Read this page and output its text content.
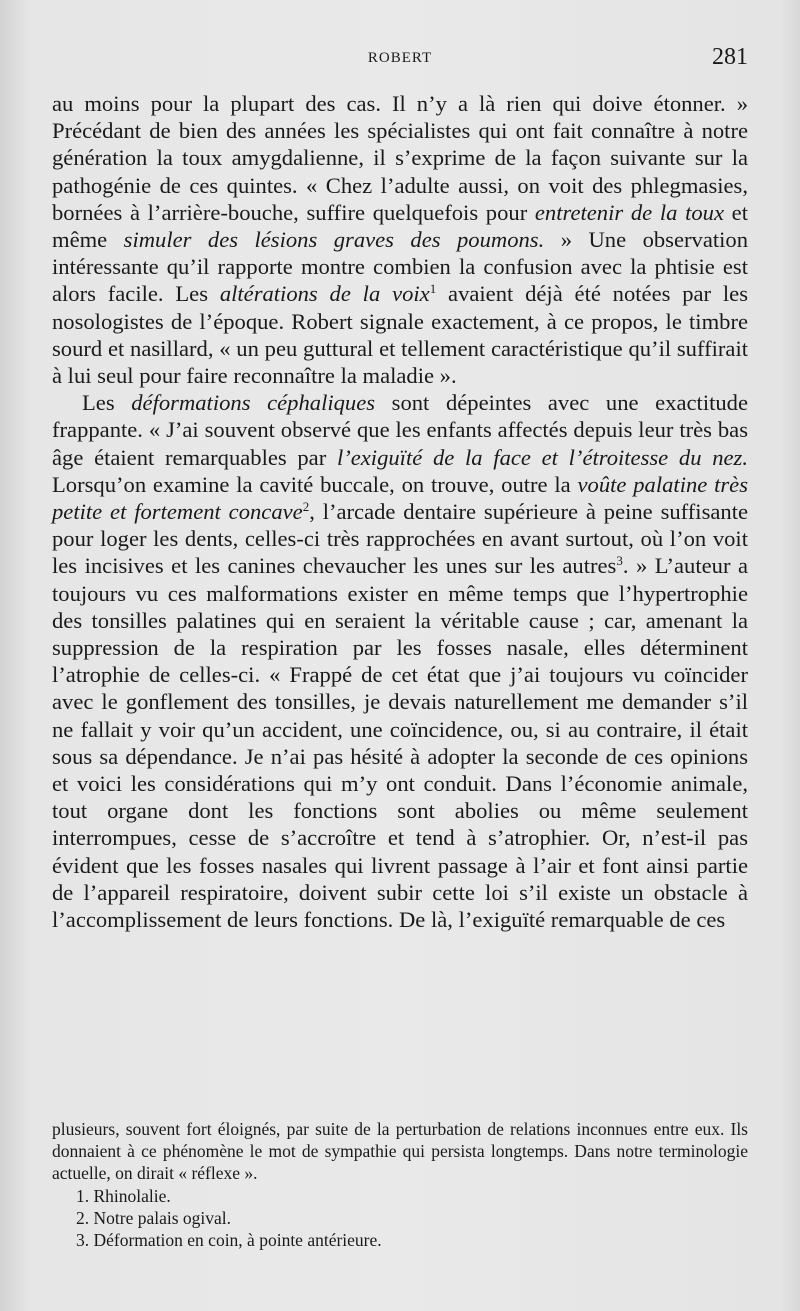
ROBERT	281

au moins pour la plupart des cas. Il n’y a là rien qui doive étonner. » Précédant de bien des années les spécialistes qui ont fait connaître à notre génération la toux amygdalienne, il s’exprime de la façon suivante sur la pathogénie de ces quintes. « Chez l’adulte aussi, on voit des phlegmasies, bornées à l’arrière-bouche, suffire quelquefois pour entretenir de la toux et même simuler des lésions graves des poumons. » Une observation intéressante qu’il rapporte montre combien la confusion avec la phtisie est alors facile. Les altérations de la voix$^1$ avaient déjà été notées par les nosologistes de l’époque. Robert signale exactement, à ce propos, le timbre sourd et nasillard, « un peu guttural et tellement caractéristique qu’il suffirait à lui seul pour faire reconnaître la maladie ».

Les déformations céphaliques sont dépeintes avec une exactitude frappante. « J’ai souvent observé que les enfants affectés depuis leur très bas âge étaient remarquables par l’exiguïté de la face et l’étroitesse du nez. Lorsqu’on examine la cavité buccale, on trouve, outre la voûte palatine très petite et fortement concave$^2$, l’arcade dentaire supérieure à peine suffisante pour loger les dents, celles-ci très rapprochées en avant surtout, où l’on voit les incisives et les canines chevaucher les unes sur les autres$^3$. » L’auteur a toujours vu ces malformations exister en même temps que l’hypertrophie des tonsilles palatines qui en seraient la véritable cause ; car, amenant la suppression de la respiration par les fosses nasale, elles déterminent l’atrophie de celles-ci. « Frappé de cet état que j’ai toujours vu coïncider avec le gonflement des tonsilles, je devais naturellement me demander s’il ne fallait y voir qu’un accident, une coïncidence, ou, si au contraire, il était sous sa dépendance. Je n’ai pas hésité à adopter la seconde de ces opinions et voici les considérations qui m’y ont conduit. Dans l’économie animale, tout organe dont les fonctions sont abolies ou même seulement interrompues, cesse de s’accroître et tend à s’atrophier. Or, n’est-il pas évident que les fosses nasales qui livrent passage à l’air et font ainsi partie de l’appareil respiratoire, doivent subir cette loi s’il existe un obstacle à l’accomplissement de leurs fonctions. De là, l’exiguïté remarquable de ces

plusieurs, souvent fort éloignés, par suite de la perturbation de relations inconnues entre eux. Ils donnaient à ce phénomène le mot de sympathie qui persista longtemps. Dans notre terminologie actuelle, on dirait « réflexe ».

1. Rhinolalie.

2. Notre palais ogival.

3. Déformation en coin, à pointe antérieure.
